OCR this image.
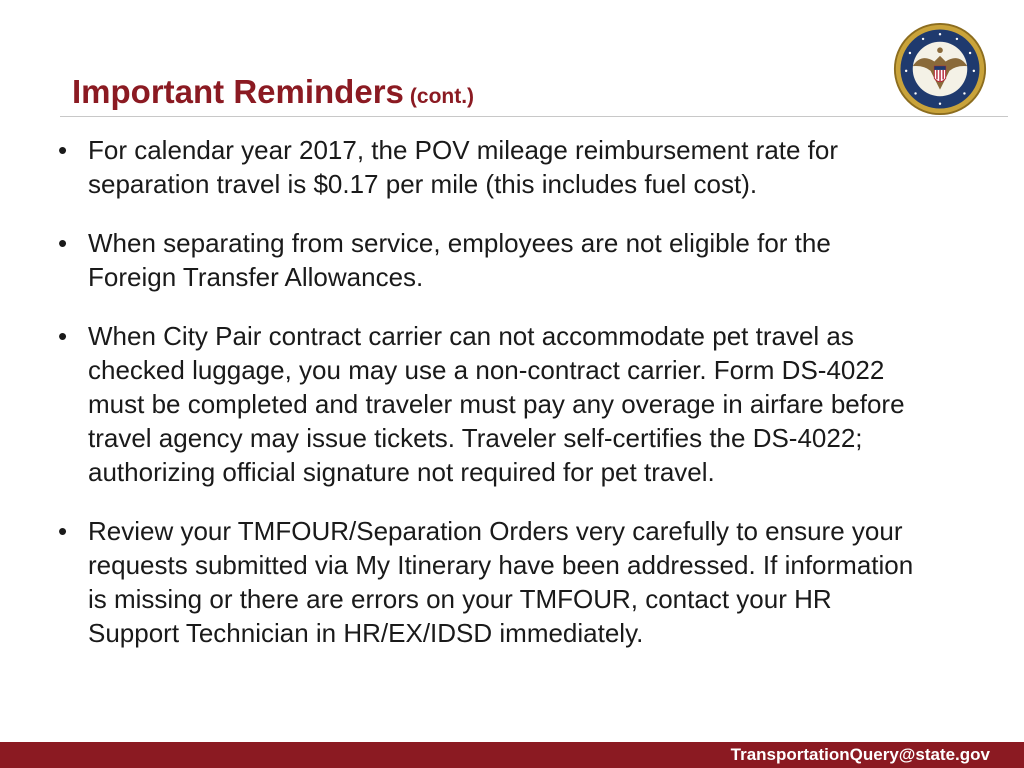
Important Reminders (cont.)
• For calendar year 2017, the POV mileage reimbursement rate for separation travel is $0.17 per mile (this includes fuel cost).
• When separating from service, employees are not eligible for the Foreign Transfer Allowances.
• When City Pair contract carrier can not accommodate pet travel as checked luggage, you may use a non-contract carrier. Form DS-4022 must be completed and traveler must pay any overage in airfare before travel agency may issue tickets. Traveler self-certifies the DS-4022; authorizing official signature not required for pet travel.
• Review your TMFOUR/Separation Orders very carefully to ensure your requests submitted via My Itinerary have been addressed. If information is missing or there are errors on your TMFOUR, contact your HR Support Technician in HR/EX/IDSD immediately.
TransportationQuery@state.gov
